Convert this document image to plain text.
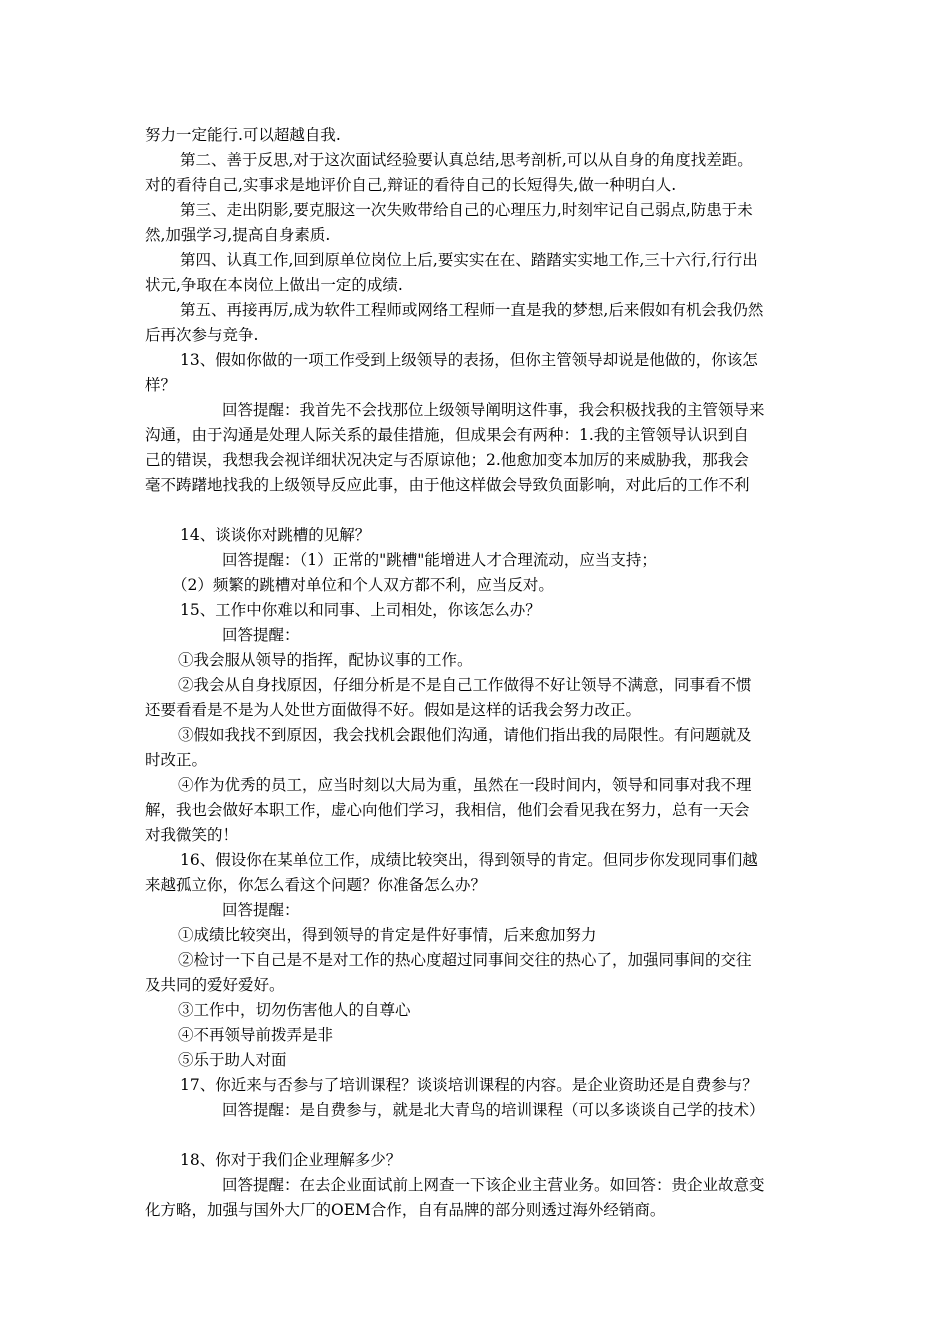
努力一定能行.可以超越自我.
第二、善于反思,对于这次面试经验要认真总结,思考剖析,可以从自身的角度找差距。
对的看待自己,实事求是地评价自己,辩证的看待自己的长短得失,做一种明白人.
第三、走出阴影,要克服这一次失败带给自己的心理压力,时刻牢记自己弱点,防患于未
然,加强学习,提高自身素质.
第四、认真工作,回到原单位岗位上后,要实实在在、踏踏实实地工作,三十六行,行行出
状元,争取在本岗位上做出一定的成绩.
第五、再接再厉,成为软件工程师或网络工程师一直是我的梦想,后来假如有机会我仍然
后再次参与竞争.
13、假如你做的一项工作受到上级领导的表扬，但你主管领导却说是他做的，你该怎
样？
回答提醒：我首先不会找那位上级领导阐明这件事，我会积极找我的主管领导来
沟通，由于沟通是处理人际关系的最佳措施，但成果会有两种：1.我的主管领导认识到自
己的错误，我想我会视详细状况决定与否原谅他；2.他愈加变本加厉的来威胁我，那我会
毫不踌躇地找我的上级领导反应此事，由于他这样做会导致负面影响，对此后的工作不利
14、谈谈你对跳槽的见解？
回答提醒：（1）正常的"跳槽"能增进人才合理流动，应当支持；
（2）频繁的跳槽对单位和个人双方都不利，应当反对。
15、工作中你难以和同事、上司相处，你该怎么办？
回答提醒：
①我会服从领导的指挥，配协议事的工作。
②我会从自身找原因，仔细分析是不是自己工作做得不好让领导不满意，同事看不惯
还要看看是不是为人处世方面做得不好。假如是这样的话我会努力改正。
③假如我找不到原因，我会找机会跟他们沟通，请他们指出我的局限性。有问题就及
时改正。
④作为优秀的员工，应当时刻以大局为重，虽然在一段时间内，领导和同事对我不理
解，我也会做好本职工作，虚心向他们学习，我相信，他们会看见我在努力，总有一天会
对我微笑的！
16、假设你在某单位工作，成绩比较突出，得到领导的肯定。但同步你发现同事们越
来越孤立你，你怎么看这个问题？你准备怎么办？
回答提醒：
①成绩比较突出，得到领导的肯定是件好事情，后来愈加努力
②检讨一下自己是不是对工作的热心度超过同事间交往的热心了，加强同事间的交往
及共同的爱好爱好。
③工作中，切勿伤害他人的自尊心
④不再领导前拨弄是非
⑤乐于助人对面
17、你近来与否参与了培训课程？谈谈培训课程的内容。是企业资助还是自费参与？
回答提醒：是自费参与，就是北大青鸟的培训课程（可以多谈谈自己学的技术）
18、你对于我们企业理解多少？
回答提醒：在去企业面试前上网查一下该企业主营业务。如回答：贵企业故意变
化方略，加强与国外大厂的OEM合作，自有品牌的部分则透过海外经销商。
